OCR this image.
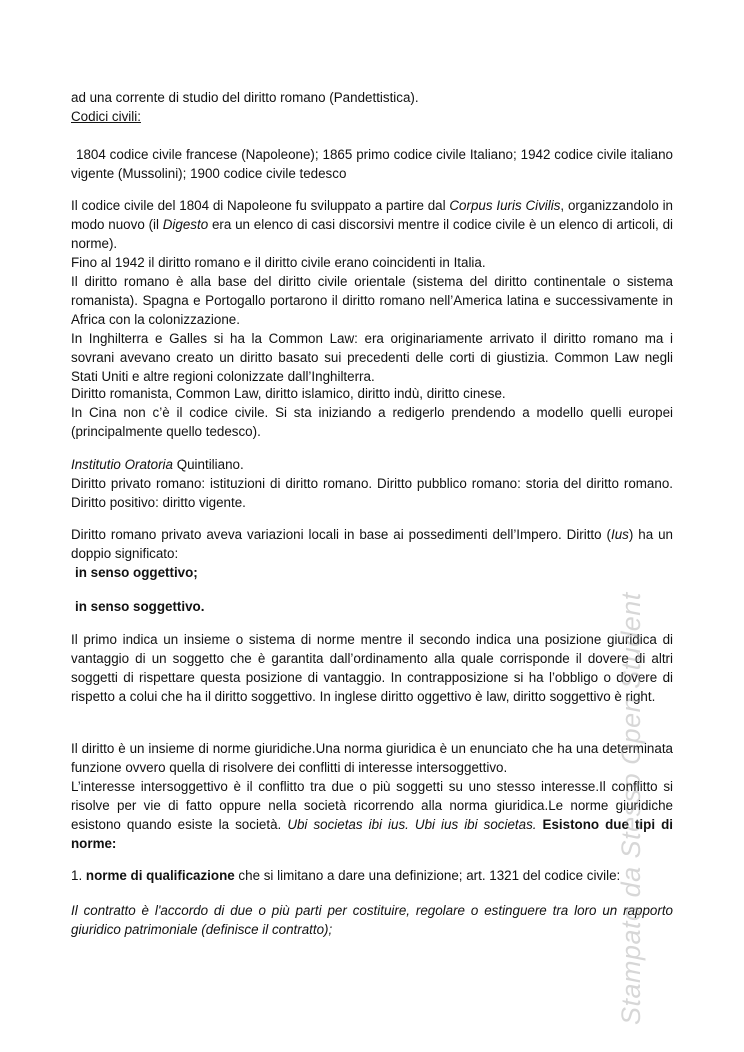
ad una corrente di studio del diritto romano (Pandettistica).

Codici civili:

1804 codice civile francese (Napoleone); 1865 primo codice civile Italiano; 1942 codice civile italiano vigente (Mussolini); 1900 codice civile tedesco

Il codice civile del 1804 di Napoleone fu sviluppato a partire dal Corpus Iuris Civilis, organizzandolo in modo nuovo (il Digesto era un elenco di casi discorsivi mentre il codice civile è un elenco di articoli, di norme).

Fino al 1942 il diritto romano e il diritto civile erano coincidenti in Italia.

Il diritto romano è alla base del diritto civile orientale (sistema del diritto continentale o sistema romanista). Spagna e Portogallo portarono il diritto romano nell’America latina e successivamente in Africa con la colonizzazione.

In Inghilterra e Galles si ha la Common Law: era originariamente arrivato il diritto romano ma i sovrani avevano creato un diritto basato sui precedenti delle corti di giustizia. Common Law negli Stati Uniti e altre regioni colonizzate dall’Inghilterra.

Diritto romanista, Common Law, diritto islamico, diritto indù, diritto cinese.

In Cina non c’è il codice civile. Si sta iniziando a redigerlo prendendo a modello quelli europei (principalmente quello tedesco).

Institutio Oratoria Quintiliano.

Diritto privato romano: istituzioni di diritto romano. Diritto pubblico romano: storia del diritto romano. Diritto positivo: diritto vigente.

Diritto romano privato aveva variazioni locali in base ai possedimenti dell’Impero. Diritto (Ius) ha un doppio significato:

in senso oggettivo;

in senso soggettivo.

Il primo indica un insieme o sistema di norme mentre il secondo indica una posizione giuridica di vantaggio di un soggetto che è garantita dall’ordinamento alla quale corrisponde il dovere di altri soggetti di rispettare questa posizione di vantaggio. In contrapposizione si ha l’obbligo o dovere di rispetto a colui che ha il diritto soggettivo. In inglese diritto oggettivo è law, diritto soggettivo è right.

Il diritto è un insieme di norme giuridiche.Una norma giuridica è un enunciato che ha una determinata funzione ovvero quella di risolvere dei conflitti di interesse intersoggettivo.

L’interesse intersoggettivo è il conflitto tra due o più soggetti su uno stesso interesse.Il conflitto si risolve per vie di fatto oppure nella società ricorrendo alla norma giuridica.Le norme giuridiche esistono quando esiste la società. Ubi societas ibi ius. Ubi ius ibi societas. Esistono due tipi di norme:

1. norme di qualificazione che si limitano a dare una definizione; art. 1321 del codice civile:

Il contratto è l'accordo di due o più parti per costituire, regolare o estinguere tra loro un rapporto giuridico patrimoniale (definisce il contratto);	Stampato da Stesso Open Student
